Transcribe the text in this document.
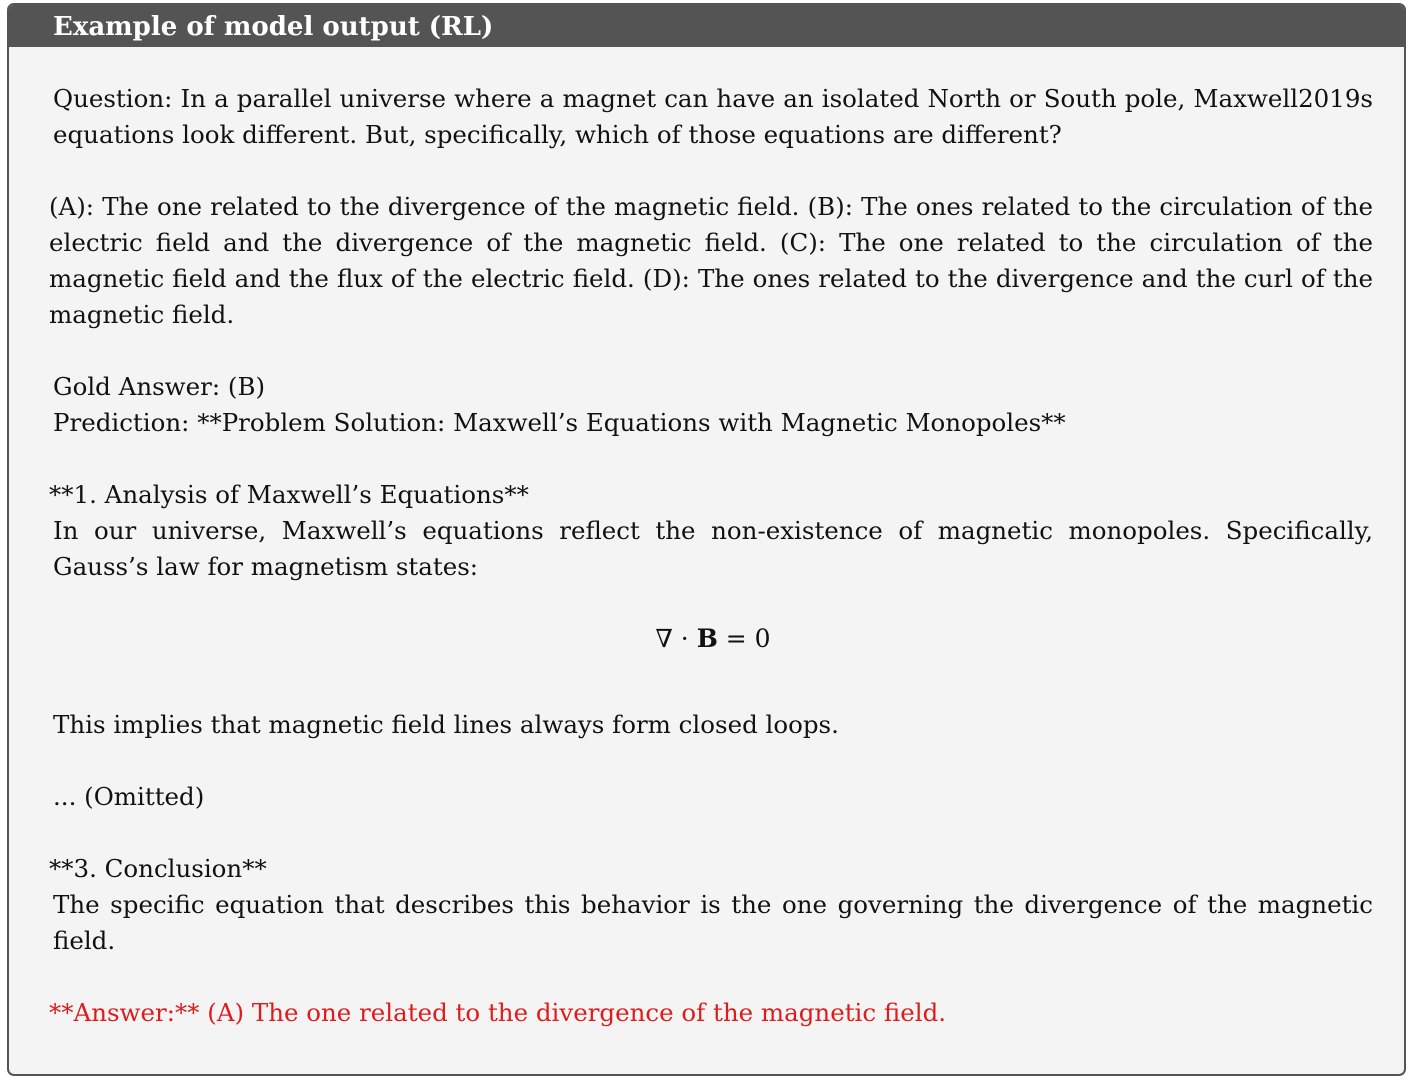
Example of model output (RL)

Question: In a parallel universe where a magnet can have an isolated North or South pole, Maxwell2019s equations look different. But, specifically, which of those equations are different?

(A): The one related to the divergence of the magnetic field. (B): The ones related to the circulation of the electric field and the divergence of the magnetic field. (C): The one related to the circulation of the magnetic field and the flux of the electric field. (D): The ones related to the divergence and the curl of the magnetic field.

Gold Answer: (B)

Prediction: **Problem Solution: Maxwell’s Equations with Magnetic Monopoles**

**1. Analysis of Maxwell’s Equations**

In our universe, Maxwell’s equations reflect the non-existence of magnetic monopoles. Specifically, Gauss’s law for magnetism states:

∇ · B = 0

This implies that magnetic field lines always form closed loops.

... (Omitted)

**3. Conclusion**

The specific equation that describes this behavior is the one governing the divergence of the magnetic field.

**Answer:** (A) The one related to the divergence of the magnetic field.
